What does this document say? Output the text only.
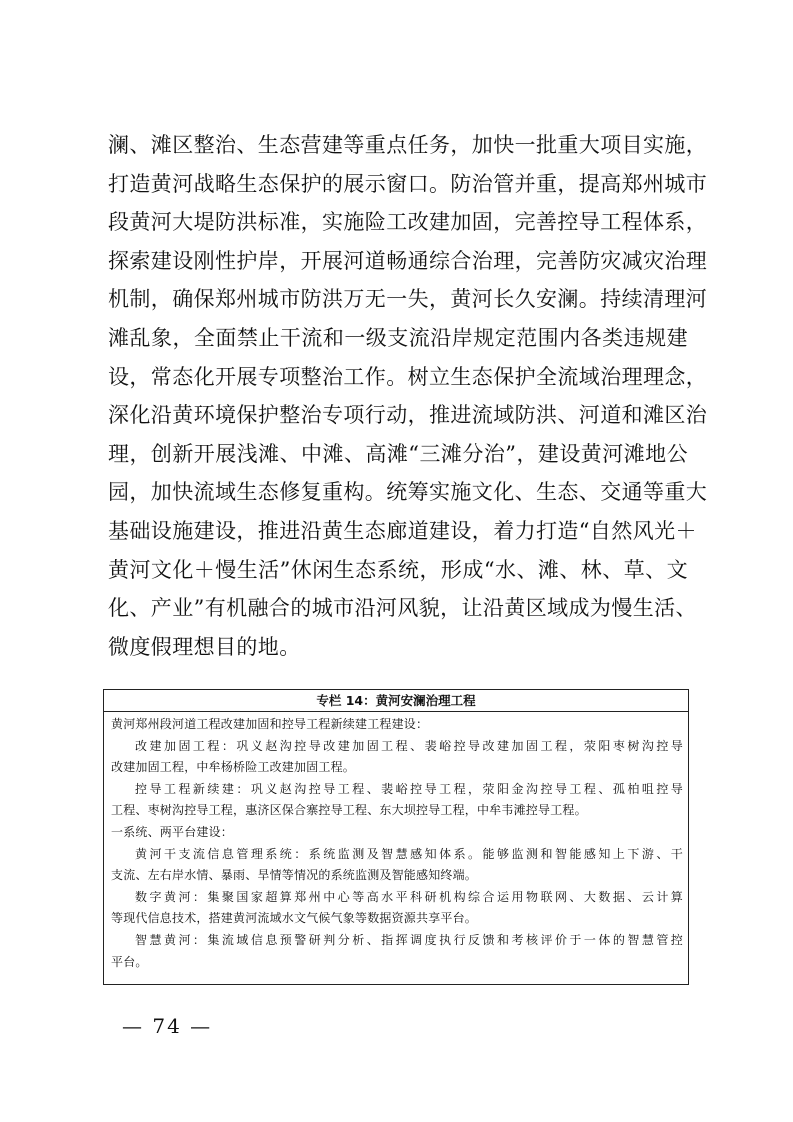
澜、滩区整治、生态营建等重点任务，加快一批重大项目实施，
打造黄河战略生态保护的展示窗口。防治管并重，提高郑州城市
段黄河大堤防洪标准，实施险工改建加固，完善控导工程体系，
探索建设刚性护岸，开展河道畅通综合治理，完善防灾减灾治理
机制，确保郑州城市防洪万无一失，黄河长久安澜。持续清理河
滩乱象，全面禁止干流和一级支流沿岸规定范围内各类违规建
设，常态化开展专项整治工作。树立生态保护全流域治理理念，
深化沿黄环境保护整治专项行动，推进流域防洪、河道和滩区治
理，创新开展浅滩、中滩、高滩“三滩分治”，建设黄河滩地公
园，加快流域生态修复重构。统筹实施文化、生态、交通等重大
基础设施建设，推进沿黄生态廊道建设，着力打造“自然风光＋
黄河文化＋慢生活”休闲生态系统，形成“水、滩、林、草、文
化、产业”有机融合的城市沿河风貌，让沿黄区域成为慢生活、
微度假理想目的地。
专栏 14：黄河安澜治理工程
黄河郑州段河道工程改建加固和控导工程新续建工程建设：
改建加固工程：巩义赵沟控导改建加固工程、裴峪控导改建加固工程，荥阳枣树沟控导
改建加固工程，中牟杨桥险工改建加固工程。
控导工程新续建：巩义赵沟控导工程、裴峪控导工程，荥阳金沟控导工程、孤柏咀控导
工程、枣树沟控导工程，惠济区保合寨控导工程、东大坝控导工程，中牟韦滩控导工程。
一系统、两平台建设：
黄河干支流信息管理系统：系统监测及智慧感知体系。能够监测和智能感知上下游、干
支流、左右岸水情、暴雨、旱情等情况的系统监测及智能感知终端。
数字黄河：集聚国家超算郑州中心等高水平科研机构综合运用物联网、大数据、云计算
等现代信息技术，搭建黄河流域水文气候气象等数据资源共享平台。
智慧黄河：集流域信息预警研判分析、指挥调度执行反馈和考核评价于一体的智慧管控
平台。
— 74 —
